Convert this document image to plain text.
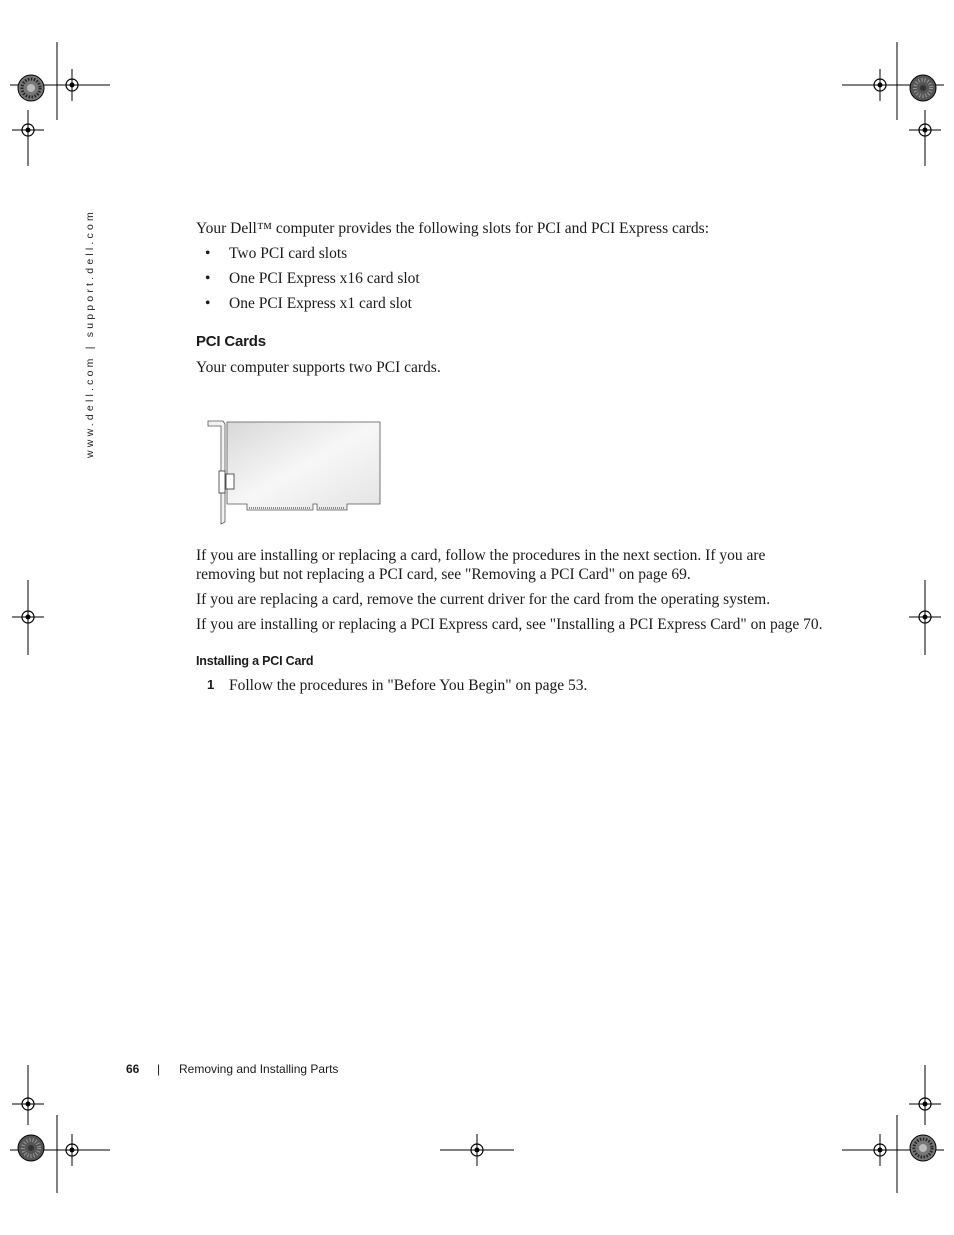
www.dell.com | support.dell.com	Your Dell™ computer provides the following slots for PCI and PCI Express cards:
• Two PCI card slots
• One PCI Express x16 card slot
• One PCI Express x1 card slot
PCI Cards
Your computer supports two PCI cards.
If you are installing or replacing a card, follow the procedures in the next section. If you are
removing but not replacing a PCI card, see "Removing a PCI Card" on page 69.
If you are replacing a card, remove the current driver for the card from the operating system.
If you are installing or replacing a PCI Express card, see "Installing a PCI Express Card" on page 70.
Installing a PCI Card
1 Follow the procedures in "Before You Begin" on page 53.
66 | Removing and Installing Parts
